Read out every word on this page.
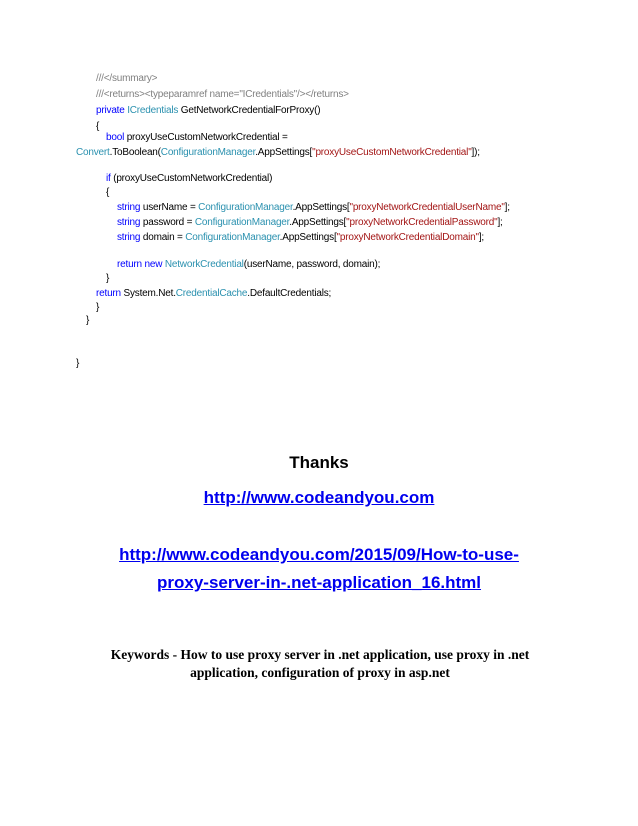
///</summary>
///<returns><typeparamref name="ICredentials"/></returns>
private ICredentials GetNetworkCredentialForProxy()
{
bool proxyUseCustomNetworkCredential =
Convert.ToBoolean(ConfigurationManager.AppSettings["proxyUseCustomNetworkCredential"]);
if (proxyUseCustomNetworkCredential)
{
string userName = ConfigurationManager.AppSettings["proxyNetworkCredentialUserName"];
string password = ConfigurationManager.AppSettings["proxyNetworkCredentialPassword"];
string domain = ConfigurationManager.AppSettings["proxyNetworkCredentialDomain"];
return new NetworkCredential(userName, password, domain);
}
return System.Net.CredentialCache.DefaultCredentials;
}
}
}
Thanks
http://www.codeandyou.com
http://www.codeandyou.com/2015/09/How-to-use-
proxy-server-in-.net-application_16.html
Keywords - How to use proxy server in .net application, use proxy in .net
application, configuration of proxy in asp.net
